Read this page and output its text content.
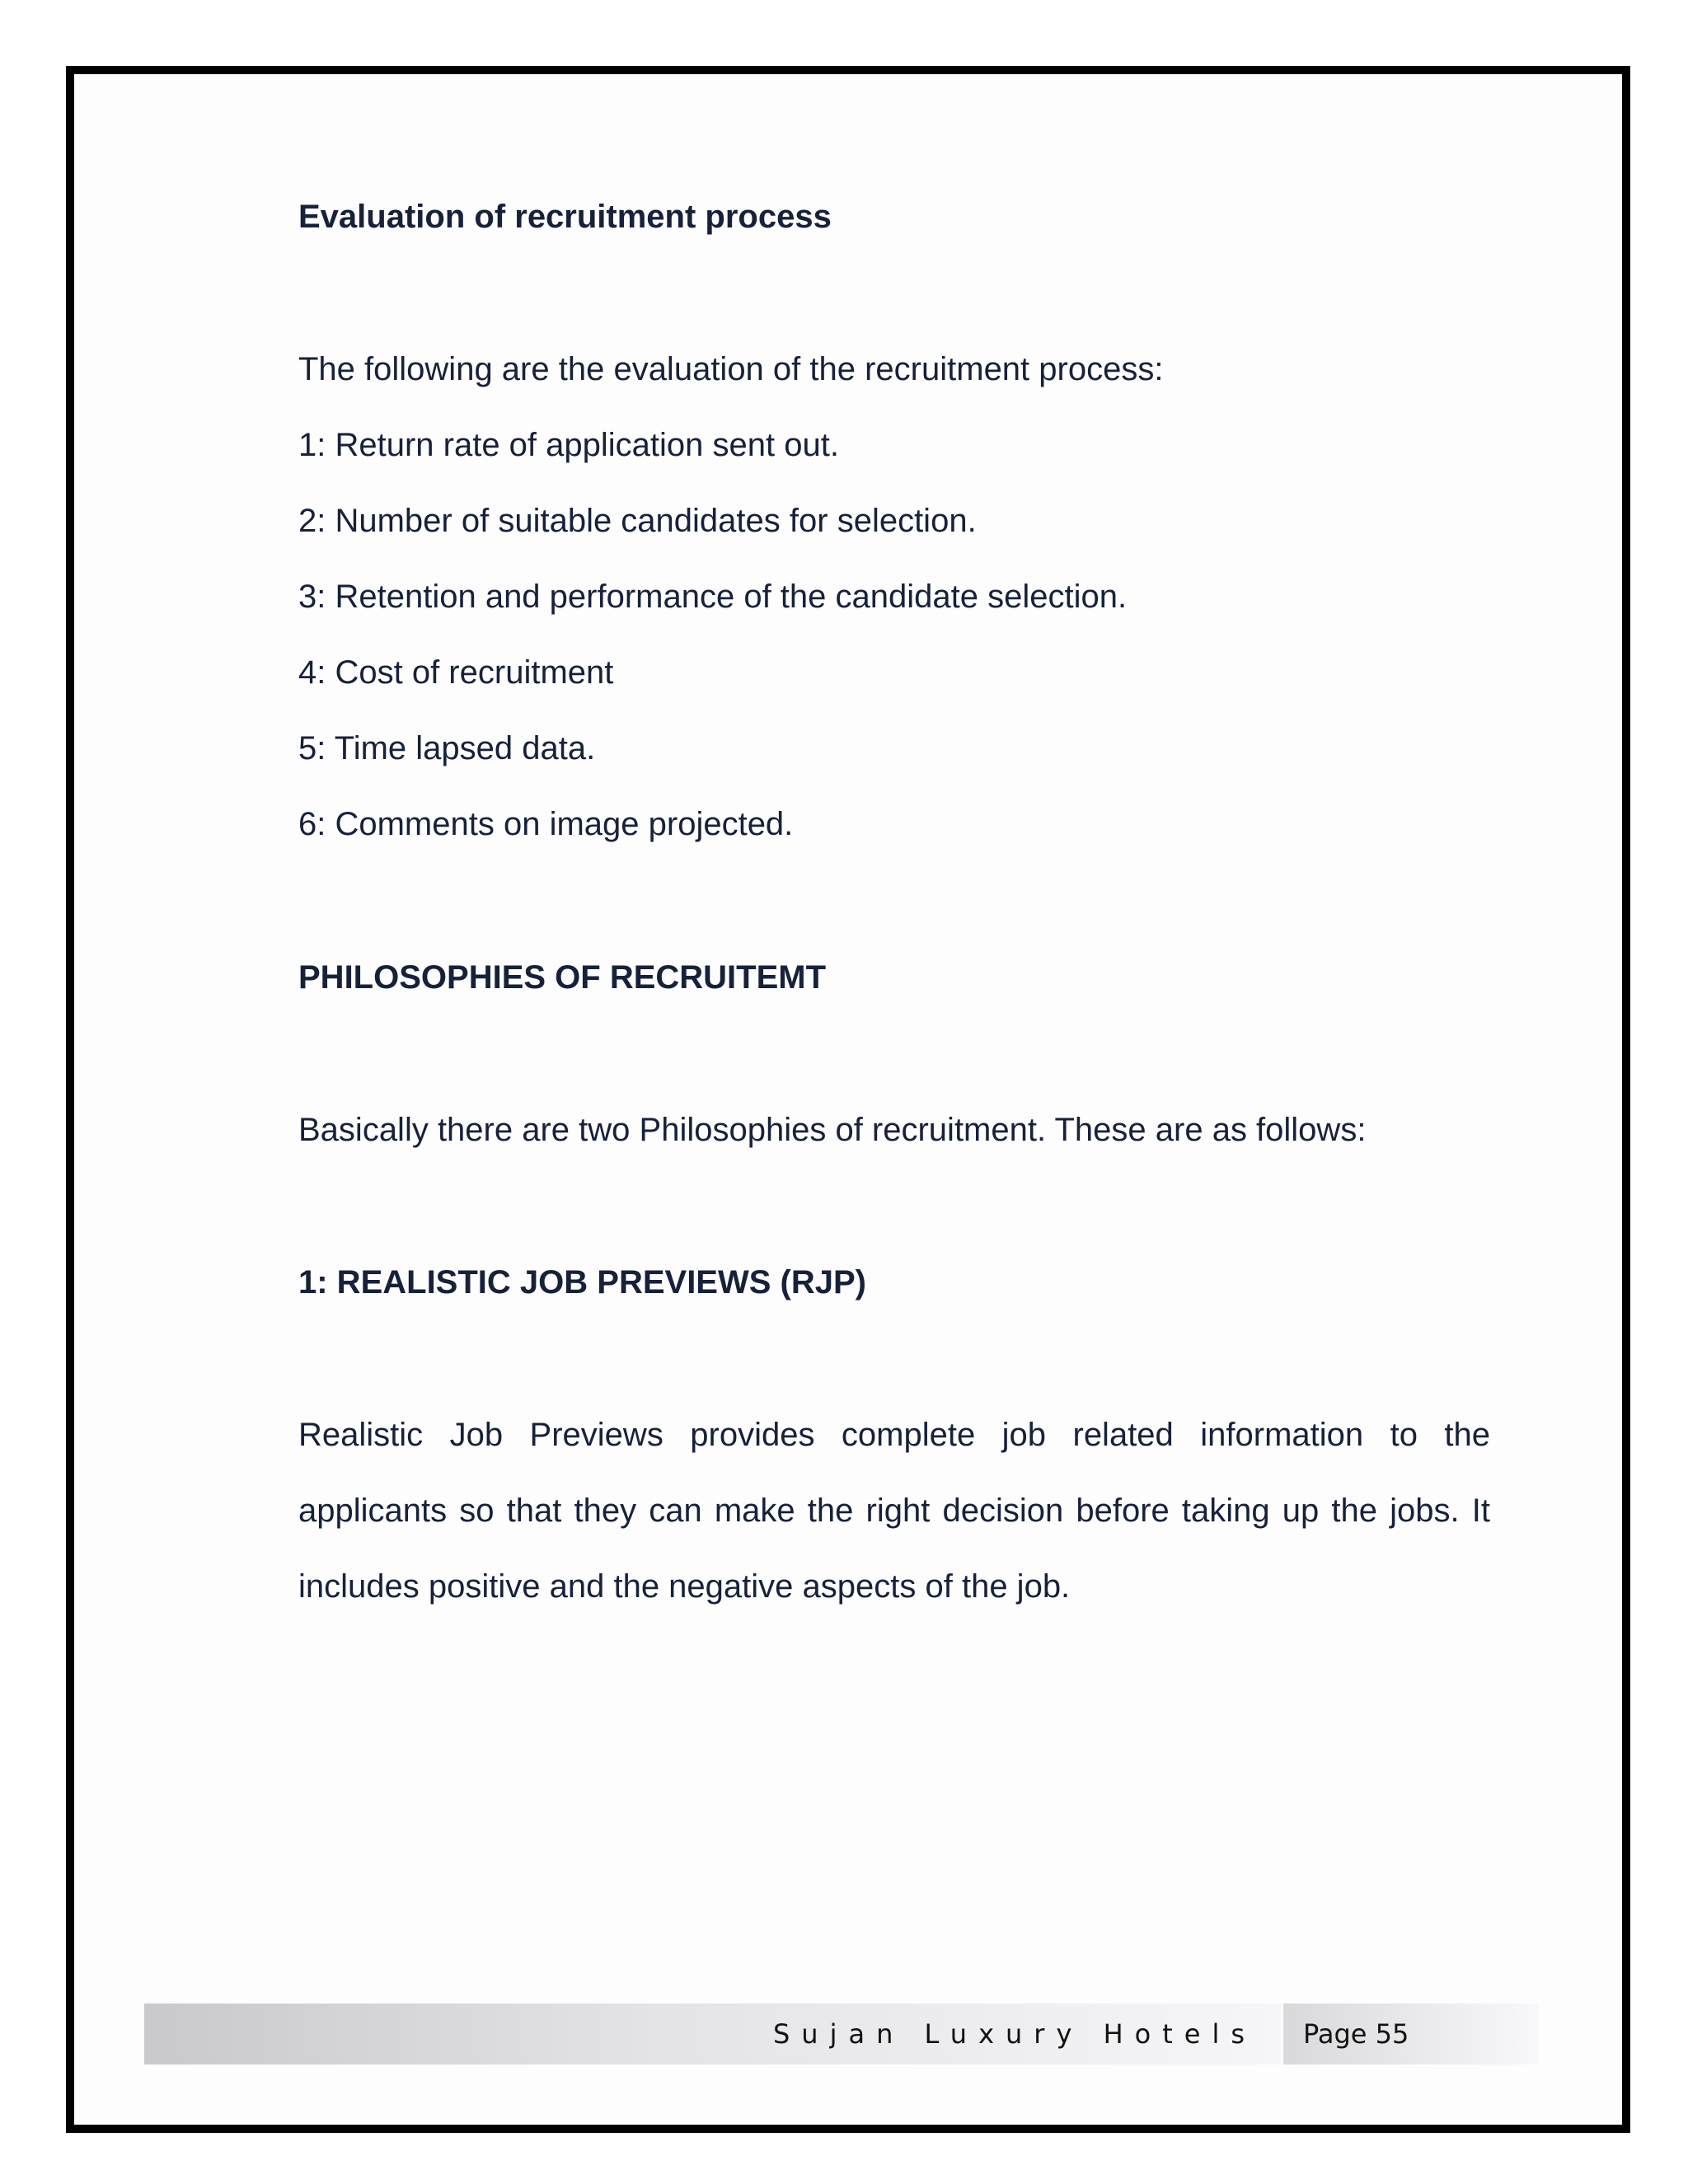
Evaluation of recruitment process
The following are the evaluation of the recruitment process:
1: Return rate of application sent out.
2: Number of suitable candidates for selection.
3: Retention and performance of the candidate selection.
4: Cost of recruitment
5: Time lapsed data.
6: Comments on image projected.
PHILOSOPHIES OF RECRUITEMT
Basically there are two Philosophies of recruitment. These are as follows:
1: REALISTIC JOB PREVIEWS (RJP)
Realistic Job Previews provides complete job related information to the
applicants so that they can make the right decision before taking up the jobs. It
includes positive and the negative aspects of the job.
Sujan Luxury Hotels Page 55
